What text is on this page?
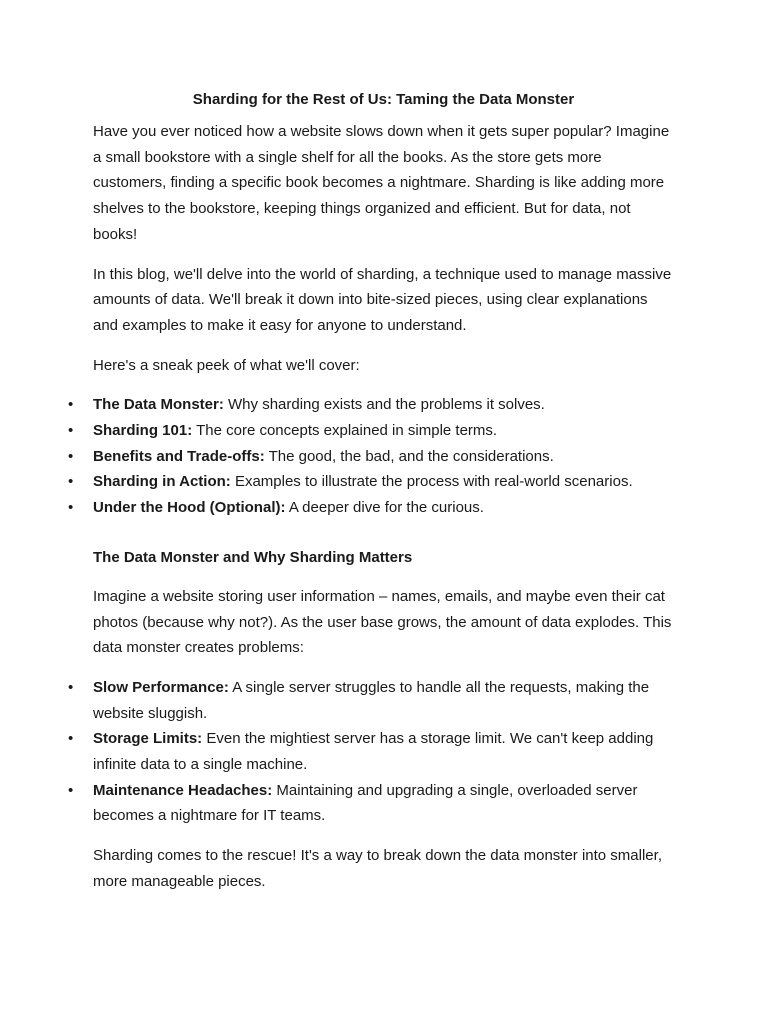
Sharding for the Rest of Us: Taming the Data Monster

Have you ever noticed how a website slows down when it gets super popular? Imagine a small bookstore with a single shelf for all the books. As the store gets more customers, finding a specific book becomes a nightmare. Sharding is like adding more shelves to the bookstore, keeping things organized and efficient. But for data, not books!

In this blog, we'll delve into the world of sharding, a technique used to manage massive amounts of data. We'll break it down into bite-sized pieces, using clear explanations and examples to make it easy for anyone to understand.

Here's a sneak peek of what we'll cover:

• The Data Monster: Why sharding exists and the problems it solves.
• Sharding 101: The core concepts explained in simple terms.
• Benefits and Trade-offs: The good, the bad, and the considerations.
• Sharding in Action: Examples to illustrate the process with real-world scenarios.
• Under the Hood (Optional): A deeper dive for the curious.
The Data Monster and Why Sharding Matters

Imagine a website storing user information – names, emails, and maybe even their cat photos (because why not?). As the user base grows, the amount of data explodes. This data monster creates problems:

• Slow Performance: A single server struggles to handle all the requests, making the website sluggish.
• Storage Limits: Even the mightiest server has a storage limit. We can't keep adding infinite data to a single machine.
• Maintenance Headaches: Maintaining and upgrading a single, overloaded server becomes a nightmare for IT teams.

Sharding comes to the rescue! It's a way to break down the data monster into smaller, more manageable pieces.
